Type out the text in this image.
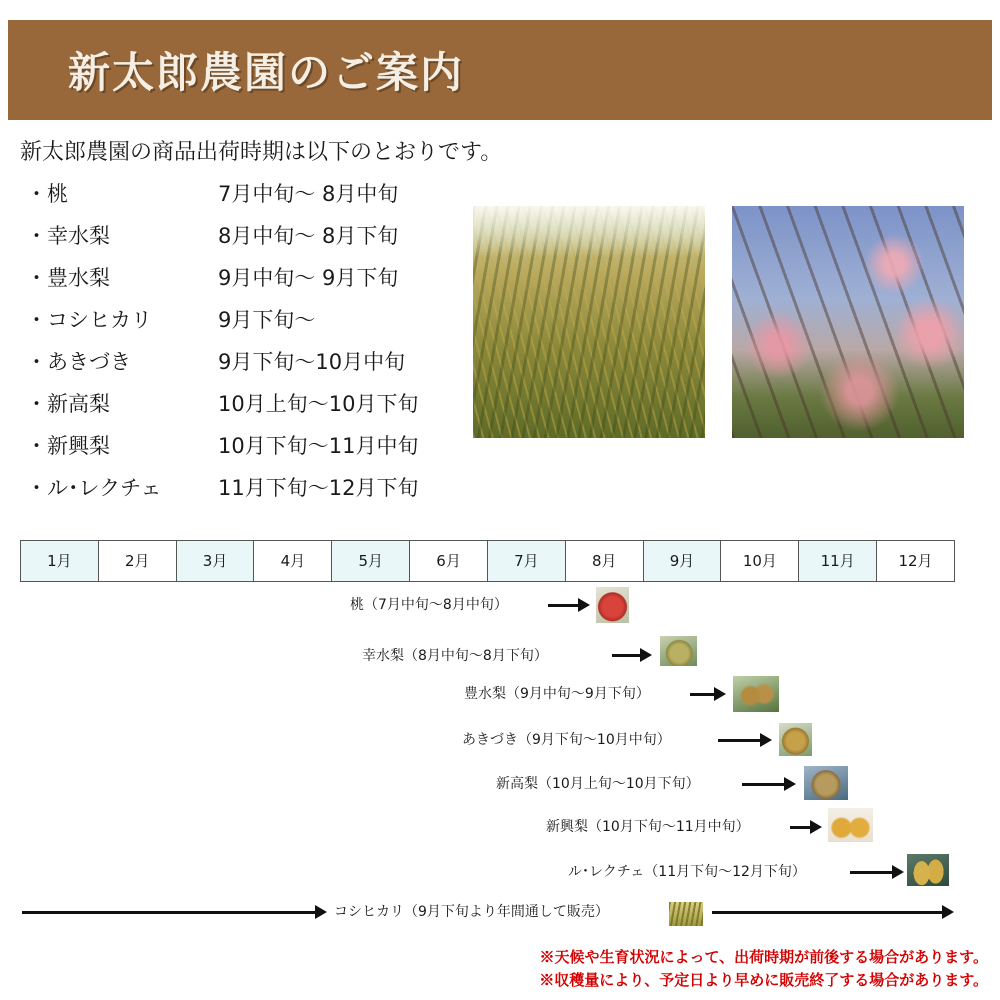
新太郎農園のご案内
新太郎農園の商品出荷時期は以下のとおりです。
・桃	7月中旬～ 8月中旬
・幸水梨	8月中旬～ 8月下旬
・豊水梨	9月中旬～ 9月下旬
・コシヒカリ	9月下旬～
・あきづき	9月下旬～10月中旬
・新高梨	10月上旬～10月下旬
・新興梨	10月下旬～11月中旬
・ル･レクチェ	11月下旬～12月下旬
1月	2月	3月	4月	5月	6月	7月	8月	9月	10月	11月	12月
桃（7月中旬～8月中旬）
幸水梨（8月中旬～8月下旬）
豊水梨（9月中旬～9月下旬）
あきづき（9月下旬～10月中旬）
新高梨（10月上旬～10月下旬）
新興梨（10月下旬～11月中旬）
ル･レクチェ（11月下旬～12月下旬）
コシヒカリ（9月下旬より年間通して販売）
※天候や生育状況によって、出荷時期が前後する場合があります。
※収穫量により、予定日より早めに販売終了する場合があります。
